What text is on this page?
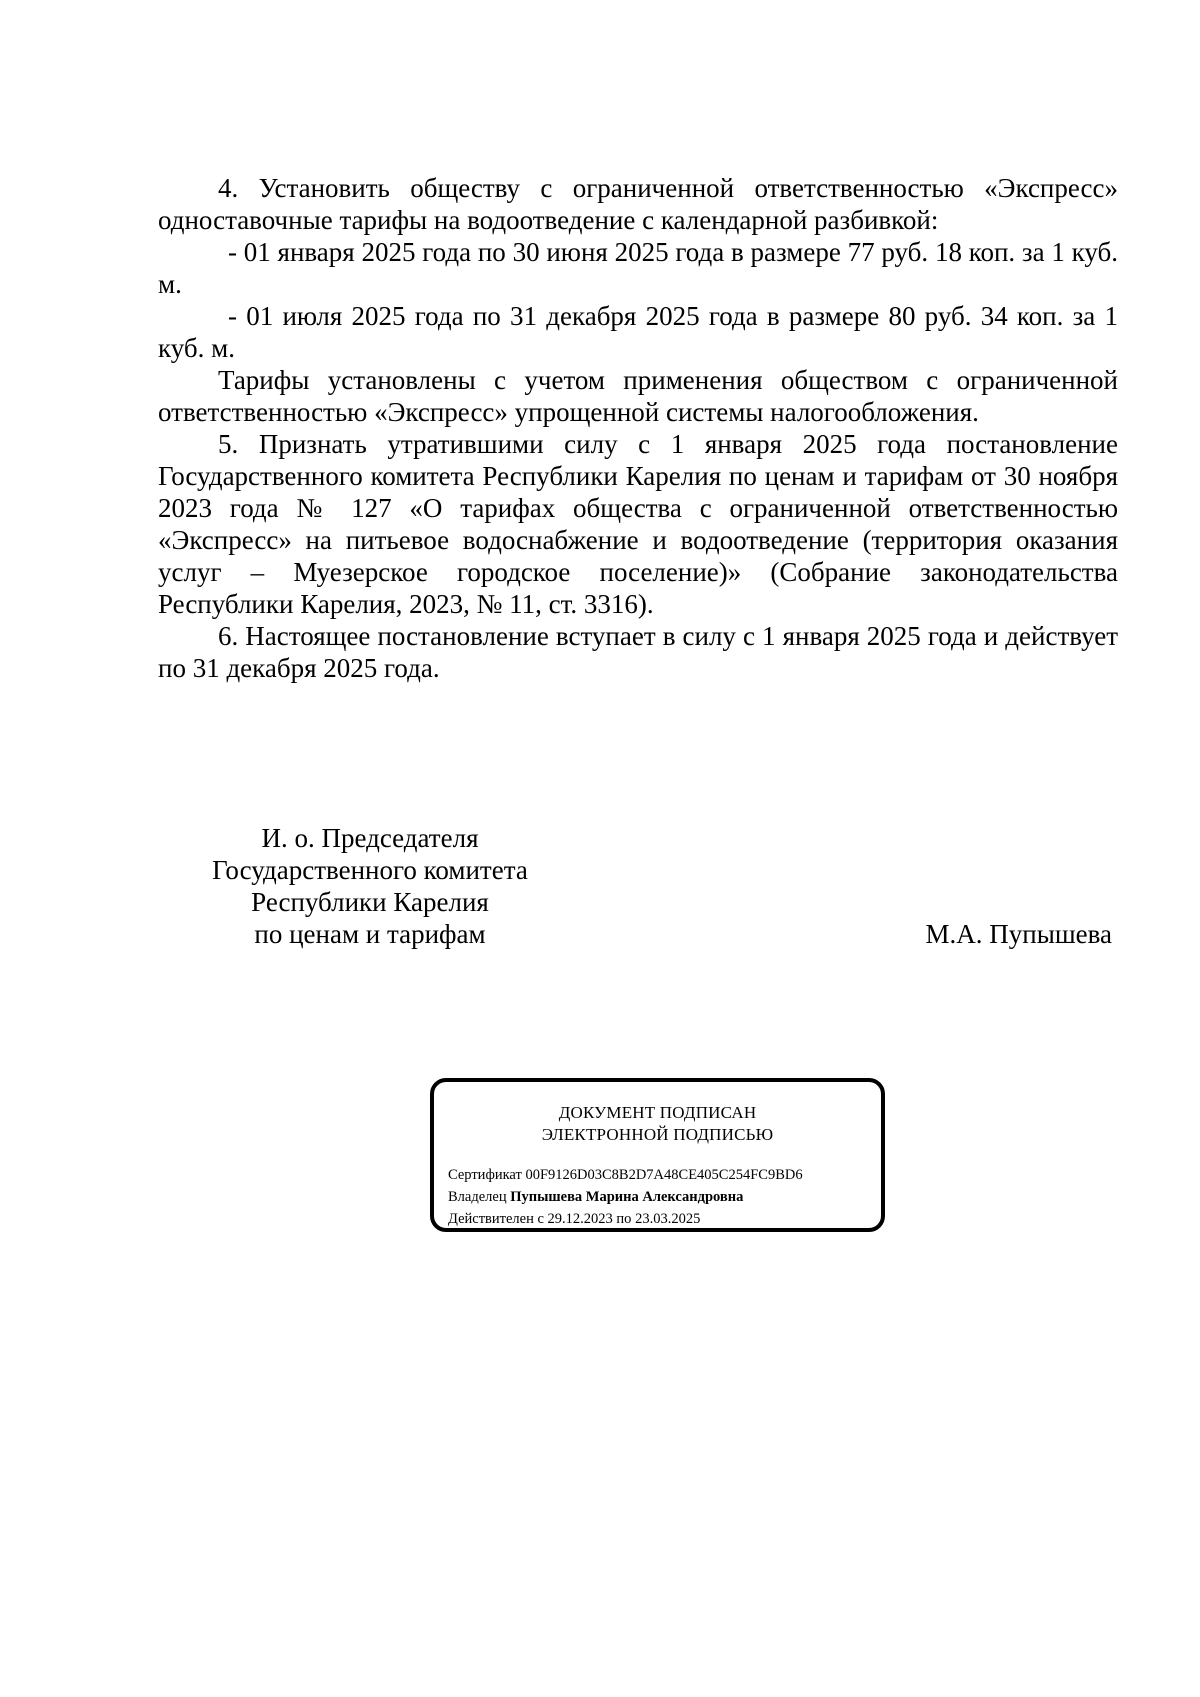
4. Установить обществу с ограниченной ответственностью «Экспресс» одноставочные тарифы на водоотведение с календарной разбивкой:

- 01 января 2025 года по 30 июня 2025 года в размере 77 руб. 18 коп. за 1 куб. м.

- 01 июля 2025 года по 31 декабря 2025 года в размере 80 руб. 34 коп. за 1 куб. м.

Тарифы установлены с учетом применения обществом с ограниченной ответственностью «Экспресс» упрощенной системы налогообложения.

5. Признать утратившими силу с 1 января 2025 года постановление Государственного комитета Республики Карелия по ценам и тарифам от 30 ноября 2023 года № 127 «О тарифах общества с ограниченной ответственностью «Экспресс» на питьевое водоснабжение и водоотведение (территория оказания услуг – Муезерское городское поселение)» (Собрание законодательства Республики Карелия, 2023, № 11, ст. 3316).

6. Настоящее постановление вступает в силу с 1 января 2025 года и действует по 31 декабря 2025 года.

И. о. Председателя
Государственного комитета
Республики Карелия
по ценам и тарифам	М.А. Пупышева
ДОКУМЕНТ ПОДПИСАН
ЭЛЕКТРОННОЙ ПОДПИСЬЮ
Сертификат 00F9126D03C8B2D7A48CE405C254FC9BD6
Владелец Пупышева Марина Александровна
Действителен с 29.12.2023 по 23.03.2025
